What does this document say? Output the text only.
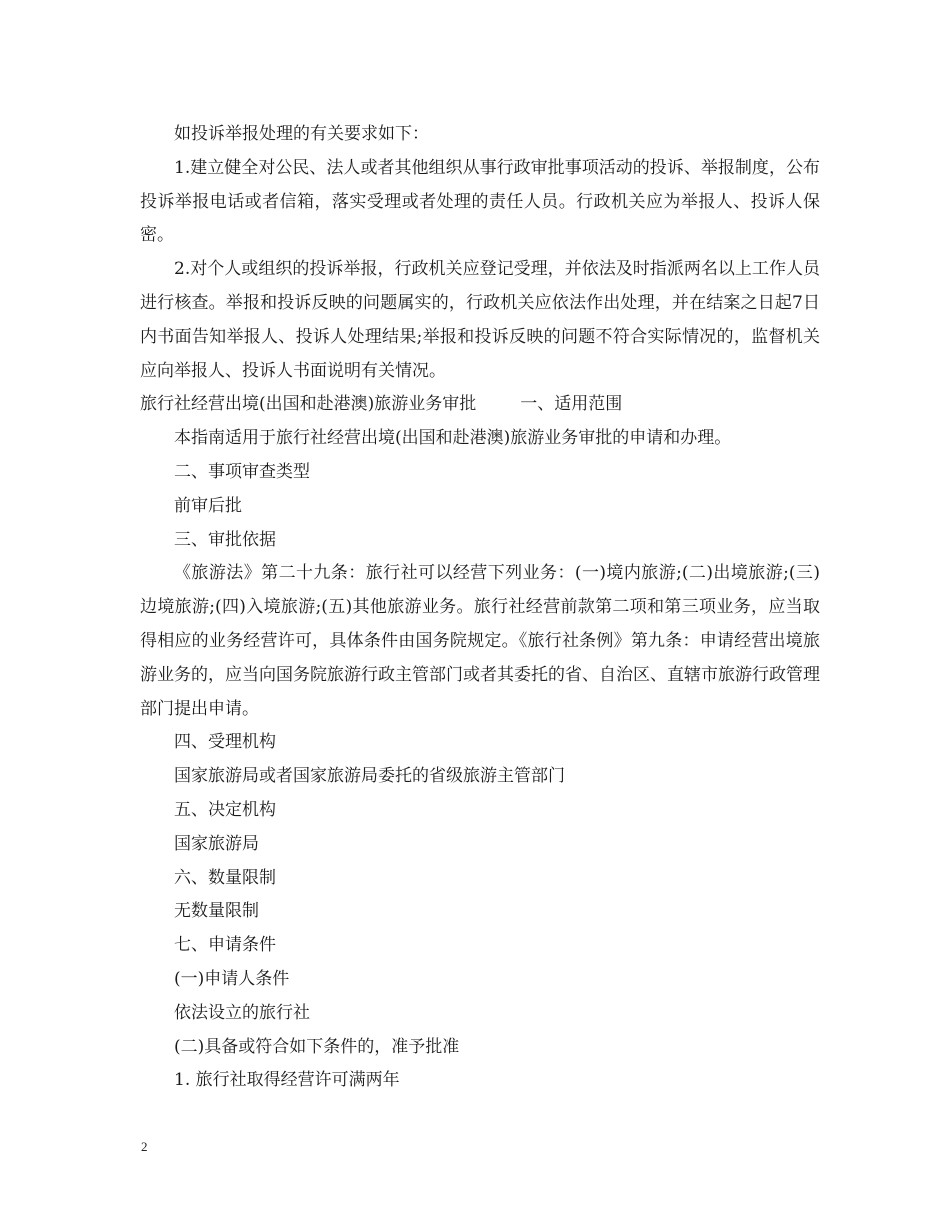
如投诉举报处理的有关要求如下：

1.建立健全对公民、法人或者其他组织从事行政审批事项活动的投诉、举报制度，公布投诉举报电话或者信箱，落实受理或者处理的责任人员。行政机关应为举报人、投诉人保密。

2.对个人或组织的投诉举报，行政机关应登记受理，并依法及时指派两名以上工作人员进行核查。举报和投诉反映的问题属实的，行政机关应依法作出处理，并在结案之日起7日内书面告知举报人、投诉人处理结果;举报和投诉反映的问题不符合实际情况的，监督机关应向举报人、投诉人书面说明有关情况。

旅行社经营出境(出国和赴港澳)旅游业务审批	一、适用范围

本指南适用于旅行社经营出境(出国和赴港澳)旅游业务审批的申请和办理。

二、事项审查类型

前审后批

三、审批依据

《旅游法》第二十九条：旅行社可以经营下列业务：(一)境内旅游;(二)出境旅游;(三)边境旅游;(四)入境旅游;(五)其他旅游业务。旅行社经营前款第二项和第三项业务，应当取得相应的业务经营许可，具体条件由国务院规定。《旅行社条例》第九条：申请经营出境旅游业务的，应当向国务院旅游行政主管部门或者其委托的省、自治区、直辖市旅游行政管理部门提出申请。

四、受理机构

国家旅游局或者国家旅游局委托的省级旅游主管部门

五、决定机构

国家旅游局

六、数量限制

无数量限制

七、申请条件

(一)申请人条件

依法设立的旅行社

(二)具备或符合如下条件的，准予批准

1. 旅行社取得经营许可满两年

2
